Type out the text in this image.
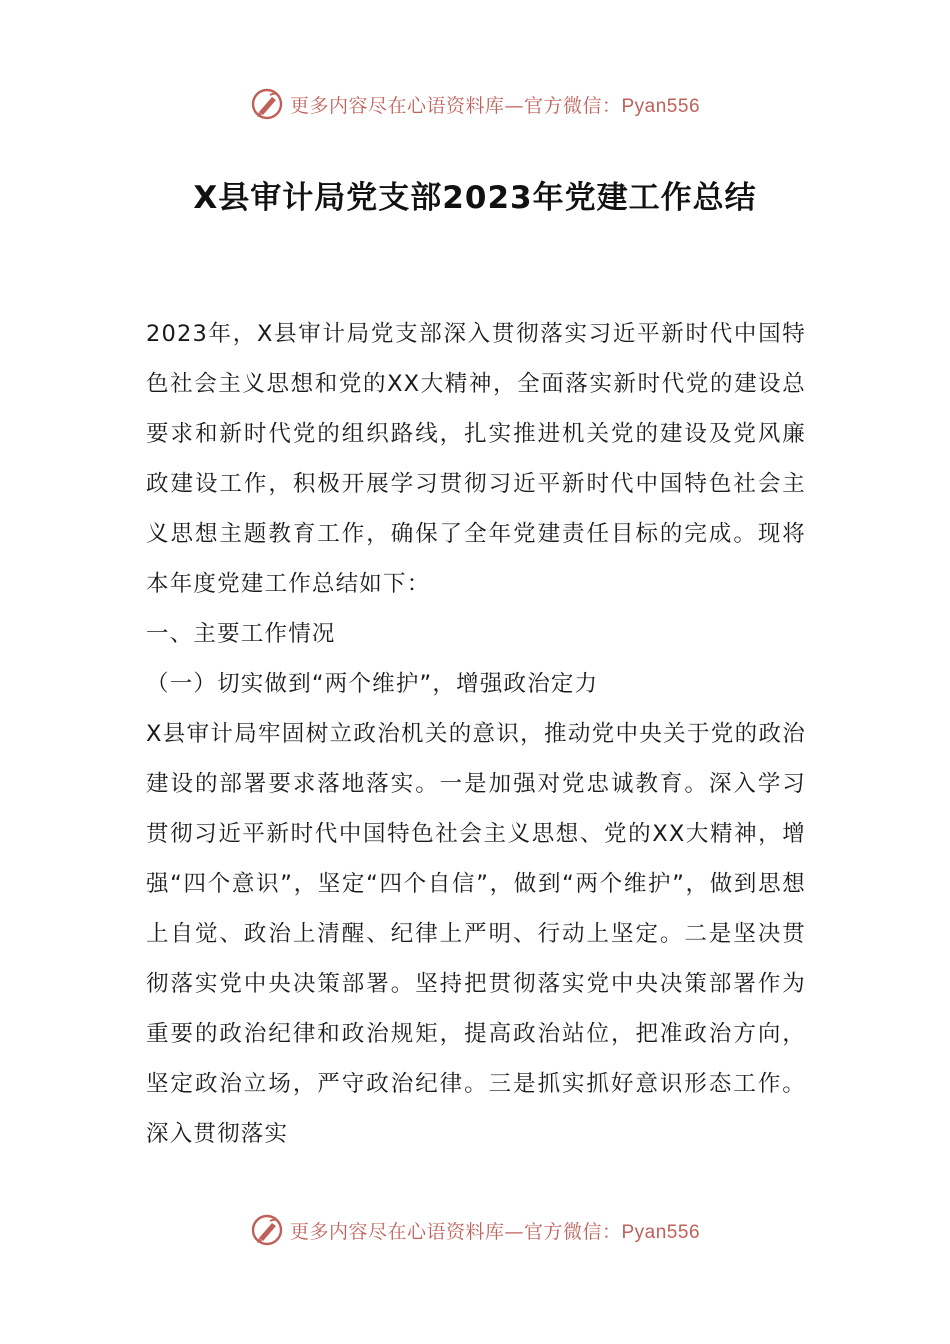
更多内容尽在心语资料库—官方微信：Pyan556
X县审计局党支部2023年党建工作总结

2023年，X县审计局党支部深入贯彻落实习近平新时代中国特色社会主义思想和党的XX大精神，全面落实新时代党的建设总要求和新时代党的组织路线，扎实推进机关党的建设及党风廉政建设工作，积极开展学习贯彻习近平新时代中国特色社会主义思想主题教育工作，确保了全年党建责任目标的完成。现将本年度党建工作总结如下：

一、主要工作情况

（一）切实做到“两个维护”，增强政治定力

X县审计局牢固树立政治机关的意识，推动党中央关于党的政治建设的部署要求落地落实。一是加强对党忠诚教育。深入学习贯彻习近平新时代中国特色社会主义思想、党的XX大精神，增强“四个意识”，坚定“四个自信”，做到“两个维护”，做到思想上自觉、政治上清醒、纪律上严明、行动上坚定。二是坚决贯彻落实党中央决策部署。坚持把贯彻落实党中央决策部署作为重要的政治纪律和政治规矩，提高政治站位，把准政治方向，坚定政治立场，严守政治纪律。三是抓实抓好意识形态工作。深入贯彻落实

更多内容尽在心语资料库—官方微信：Pyan556
